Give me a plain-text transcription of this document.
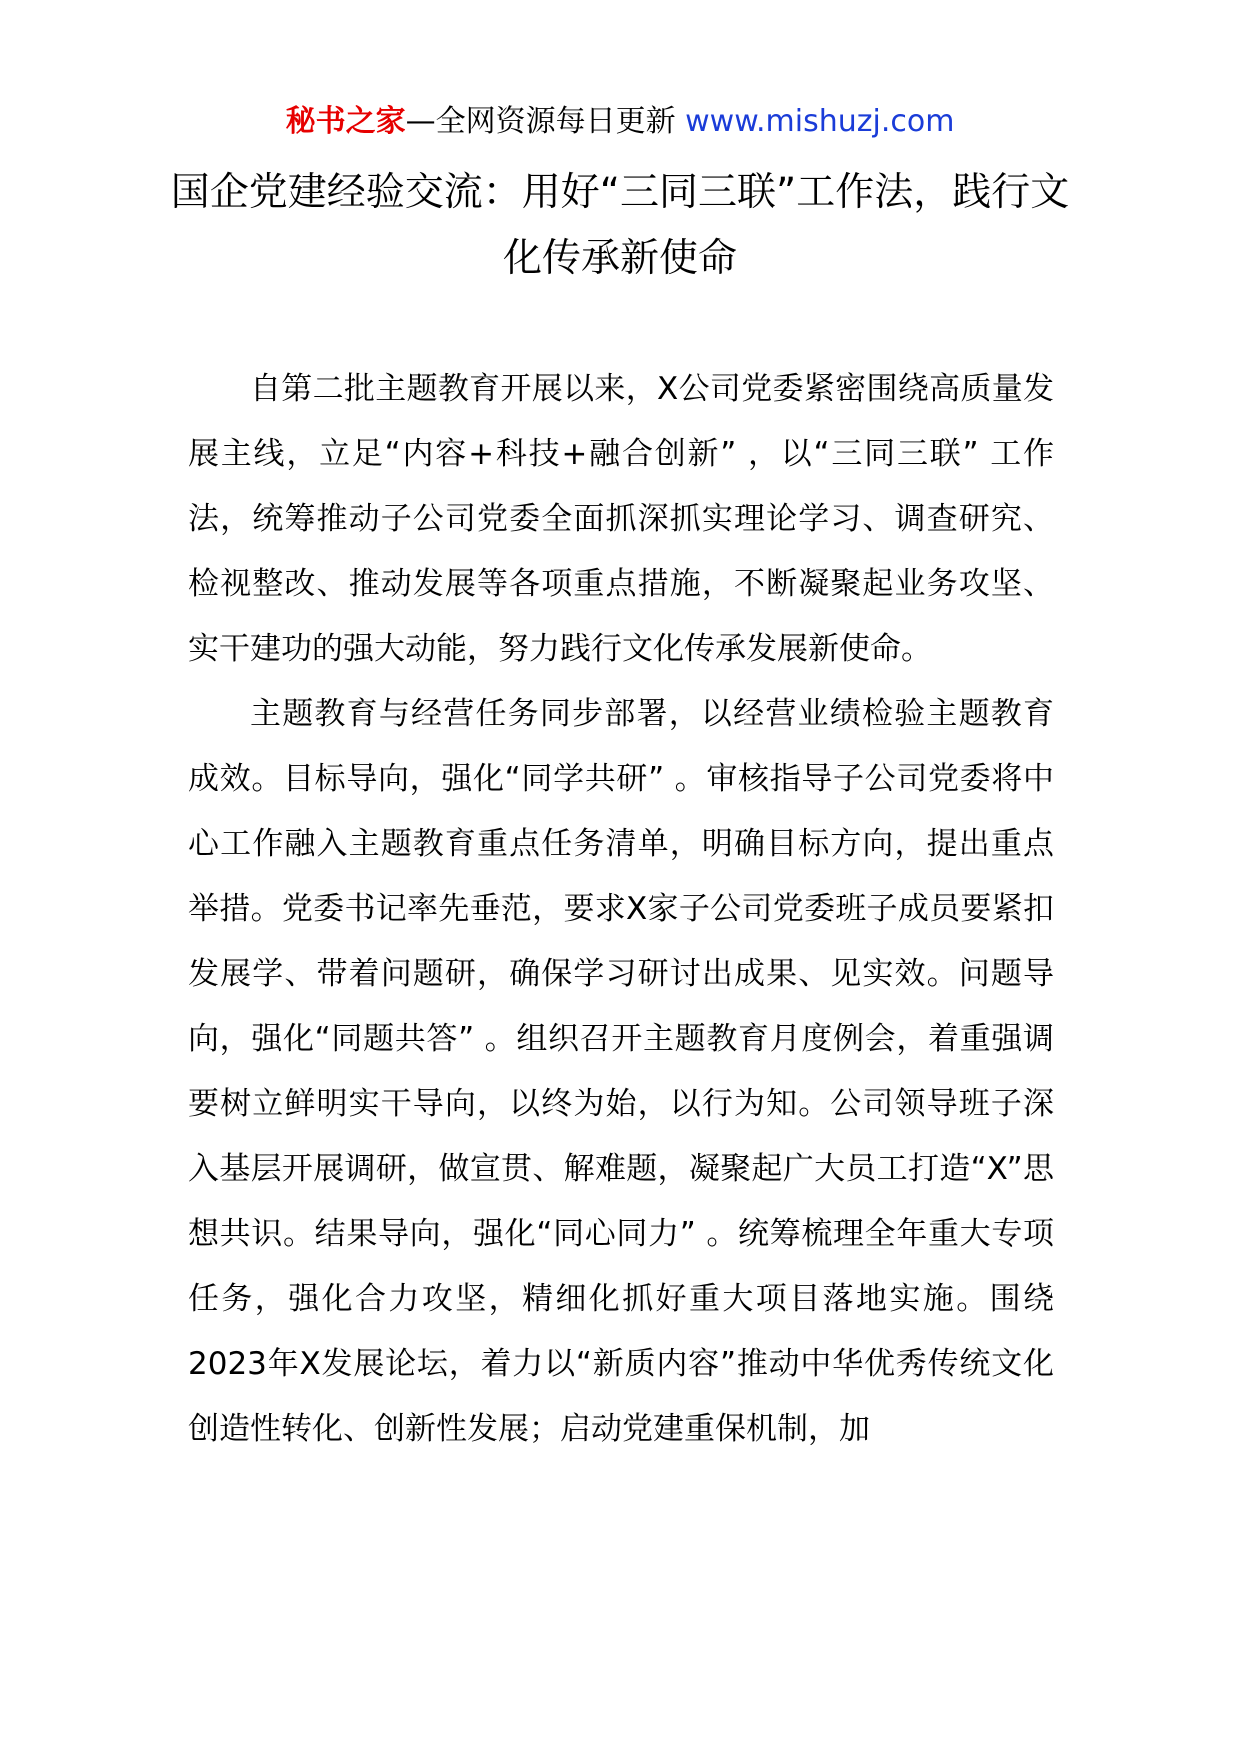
秘书之家—全网资源每日更新 www.mishuzj.com
国企党建经验交流：用好“三同三联”工作法，践行文化传承新使命

自第二批主题教育开展以来，X公司党委紧密围绕高质量发展主线，立足“内容+科技+融合创新” ，以“三同三联” 工作法，统筹推动子公司党委全面抓深抓实理论学习、调查研究、检视整改、推动发展等各项重点措施，不断凝聚起业务攻坚、实干建功的强大动能，努力践行文化传承发展新使命。

主题教育与经营任务同步部署，以经营业绩检验主题教育成效。目标导向，强化“同学共研” 。审核指导子公司党委将中心工作融入主题教育重点任务清单，明确目标方向，提出重点举措。党委书记率先垂范，要求X家子公司党委班子成员要紧扣发展学、带着问题研，确保学习研讨出成果、见实效。问题导向，强化“同题共答” 。组织召开主题教育月度例会，着重强调要树立鲜明实干导向，以终为始，以行为知。公司领导班子深入基层开展调研，做宣贯、解难题，凝聚起广大员工打造“X”思想共识。结果导向，强化“同心同力” 。统筹梳理全年重大专项任务，强化合力攻坚，精细化抓好重大项目落地实施。围绕2023年X发展论坛，着力以“新质内容”推动中华优秀传统文化创造性转化、创新性发展；启动党建重保机制，加
